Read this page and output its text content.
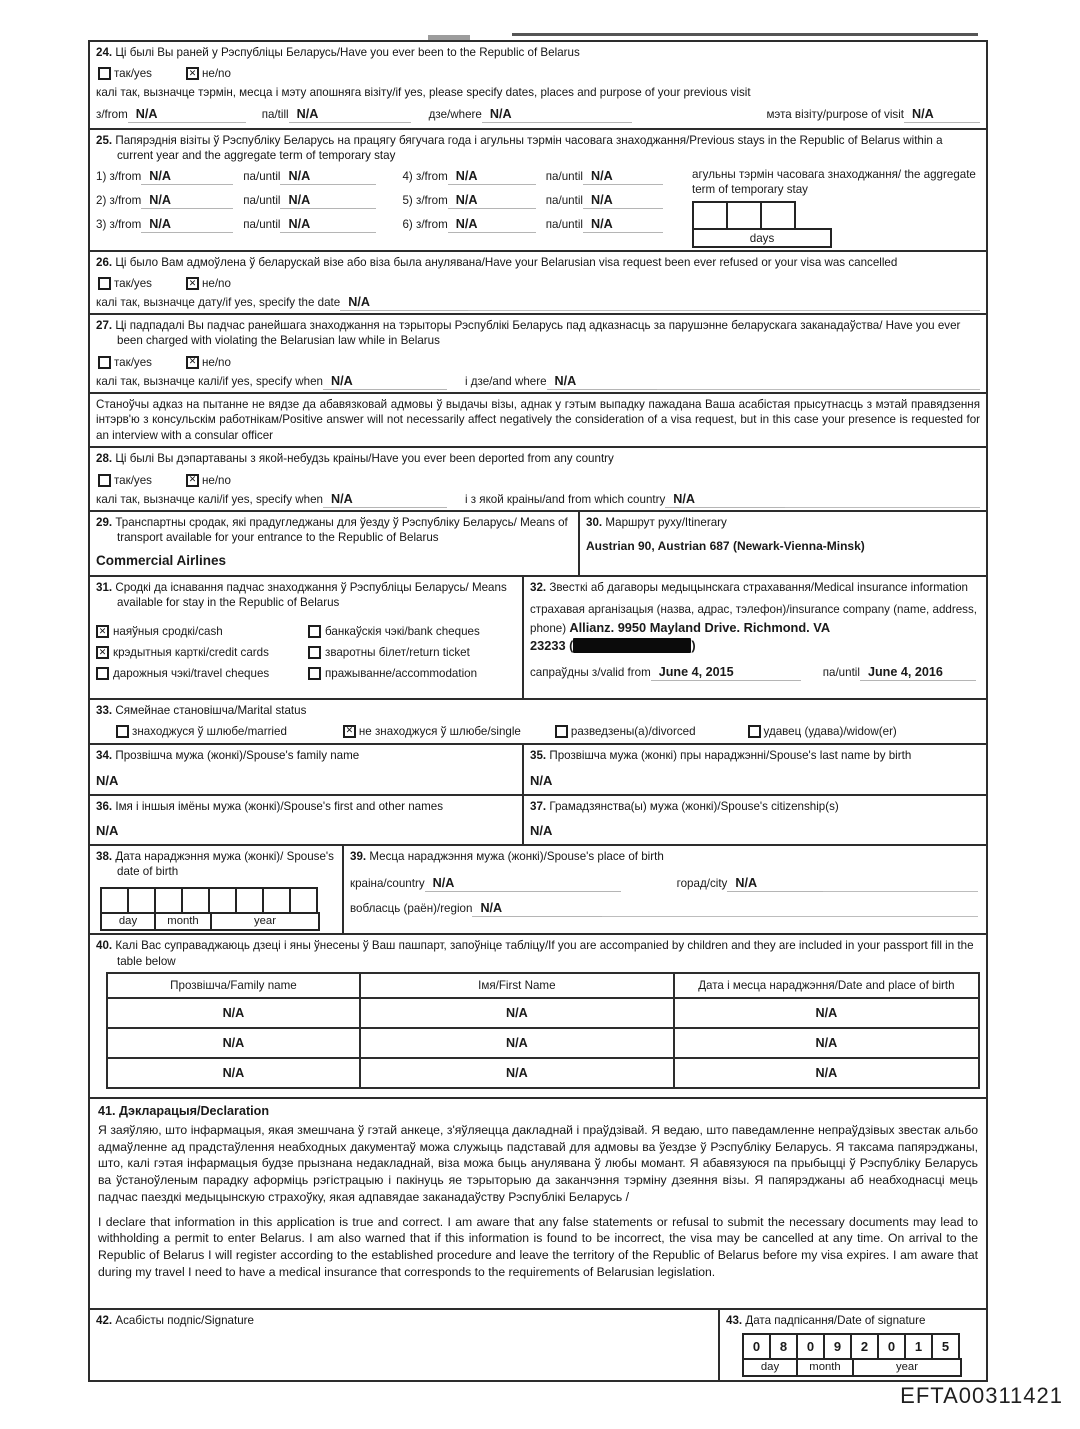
24. Ці былі Вы раней у Рэспубліцы Беларусь/Have you ever been to the Republic of Belarus
так/yes ✕	не/no
калі так, вызначце тэрмін, месца і мэту апошняга візіту/if yes, please specify dates, places and purpose of your previous visit
з/from N/A	па/till N/A	дзе/where N/A	мэта візіту/purpose of visit N/A
25. Папярэднія візіты ў Рэспубліку Беларусь на працягу бягучага года і агульны тэрмін часовага знаходжання/Previous stays in the Republic of Belarus within a current year and the aggregate term of temporary stay
1) з/from N/A	па/until N/A	4) з/from N/A	па/until N/A
2) з/from N/A	па/until N/A	5) з/from N/A	па/until N/A
3) з/from N/A	па/until N/A	6) з/from N/A	па/until N/A
агульны тэрмін часовага знаходжання/ the aggregate term of temporary stay
days
26. Ці было Вам адмоўлена ў беларускай візе або віза была анулявана/Have your Belarusian visa request been ever refused or your visa was cancelled
так/yes ✕	не/no
калі так, вызначце дату/if yes, specify the date N/A
27. Ці падпадалі Вы падчас ранейшага знаходжання на тэрыторы Рэспублікі Беларусь пад адказнасць за парушэнне беларускага заканадаўства/ Have you ever been charged with violating the Belarusian law while in Belarus
так/yes ✕	не/no
калі так, вызначце калі/if yes, specify when N/A	і дзе/and where N/A
Станоўчы адказ на пытанне не вядзе да абавязковай адмовы ў выдачы візы, аднак у гэтым выпадку пажадана Ваша асабістая прысутнасць з мэтай правядзення інтэрв'ю з консульскім работнікам/Positive answer will not necessarily affect negatively the consideration of a visa request, but in this case your presence is requested for an interview with a consular officer
28. Ці былі Вы дэпартаваны з якой-небудзь краіны/Have you ever been deported from any country
так/yes ✕	не/no
калі так, вызначце калі/if yes, specify when N/A	і з якой краіны/and from which country N/A
29. Транспартны сродак, які прадугледжаны для ўезду ў Рэспубліку Беларусь/ Means of transport available for your entrance to the Republic of Belarus
Commercial Airlines
30. Маршрут руху/Itinerary
Austrian 90, Austrian 687 (Newark-Vienna-Minsk)
31. Сродкі да існавання падчас знаходжання ў Рэспубліцы Беларусь/ Means available for stay in the Republic of Belarus
✕
наяўныя сродкі/cash
✕
крэдытныя карткі/credit cards
дарожныя чэкі/travel cheques
банкаўскія чэкі/bank cheques
зваротны білет/return ticket
пражыванне/accommodation
32. Звесткі аб дагаворы медыцынскага страхавання/Medical insurance information
страхавая арганізацыя (назва, адрас, тэлефон)/insurance company (name, address, phone) Allianz. 9950 Mayland Drive. Richmond. VA
23233 (	)
сапраўдны з/valid from June 4, 2015	па/until June 4, 2016
33. Сямейнае становішча/Marital status
знаходжуся ў шлюбе/married ✕	не знаходжуся ў шлюбе/single	разведзены(а)/divorced	удавец (удава)/widow(er)
34. Прозвішча мужа (жонкі)/Spouse's family name
N/A
35. Прозвішча мужа (жонкі) пры нараджэнні/Spouse's last name by birth
N/A
36. Імя і іншыя імёны мужа (жонкі)/Spouse's first and other names
N/A
37. Грамадзянства(ы) мужа (жонкі)/Spouse's citizenship(s)
N/A
38. Дата нараджэння мужа (жонкі)/ Spouse's date of birth
day	month	year
39. Месца нараджэння мужа (жонкі)/Spouse's place of birth
краіна/country N/A	горад/city N/A
вобласць (раён)/region N/A
40. Калі Вас суправаджаюць дзеці і яны ўнесены ў Ваш пашпарт, запоўніце табліцу/If you are accompanied by children and they are included in your passport fill in the table below
Прозвішча/Family name	Імя/First Name	Дата і месца нараджэння/Date and place of birth
N/A	N/A	N/A
N/A	N/A	N/A
N/A	N/A	N/A
41. Дэкларацыя/Declaration
Я заяўляю, што інфармацыя, якая змешчана ў гэтай анкеце, з'яўляецца дакладнай і праўдзівай. Я ведаю, што паведамленне непраўдзівых звестак альбо адмаўленне ад прадстаўлення неабходных дакументаў можа служыць падставай для адмовы ва ўездзе ў Рэспубліку Беларусь. Я таксама папярэджаны, што, калі гэтая інфармацыя будзе прызнана недакладнай, віза можа быць анулявана ў любы момант. Я абавязуюся па прыбыцці ў Рэспубліку Беларусь ва ўстаноўленым парадку аформіць рэгістрацыю і пакінуць яе тэрыторыю да заканчэння тэрміну дзеяння візы. Я папярэджаны аб неабходнасці мець падчас паездкі медыцынскую страхоўку, якая адпавядае заканадаўству Рэспублікі Беларусь /
I declare that information in this application is true and correct. I am aware that any false statements or refusal to submit the necessary documents may lead to withholding a permit to enter Belarus. I am also warned that if this information is found to be incorrect, the visa may be cancelled at any time. On arrival to the Republic of Belarus I will register according to the established procedure and leave the territory of the Republic of Belarus before my visa expires. I am aware that during my travel I need to have a medical insurance that corresponds to the requirements of Belarusian legislation.
42. Асабісты подпіс/Signature	43. Дата падпісання/Date of signature
0	8	0	9	2	0	1	5
day	month	year
EFTA00311421
